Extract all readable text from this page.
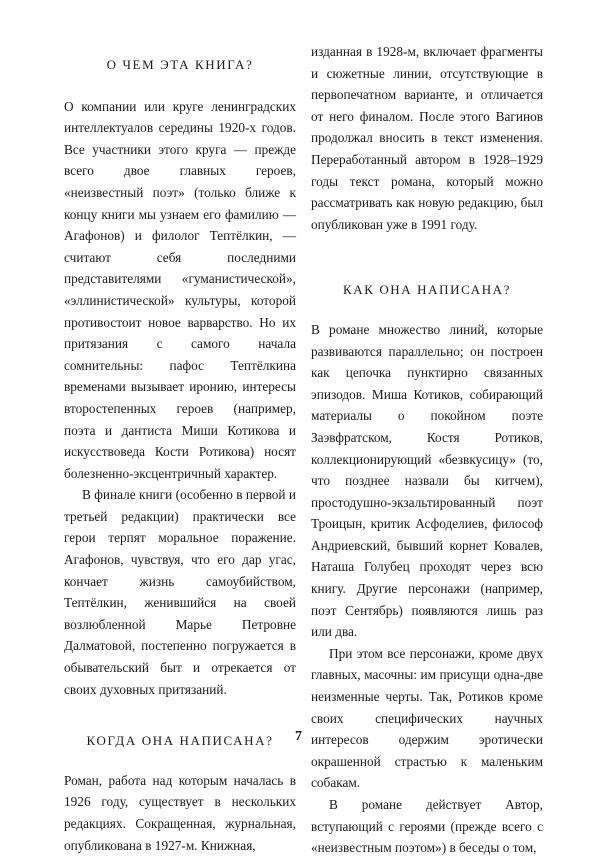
О ЧЕМ ЭТА КНИГА?

О компании или круге ленинградских интеллектуалов середины 1920-х годов. Все участники этого круга — прежде всего двое главных героев, «неизвестный поэт» (только ближе к концу книги мы узнаем его фамилию — Агафонов) и филолог Тептёлкин, — считают себя последними представителями «гуманистической», «эллинистической» культуры, которой противостоит новое варварство. Но их притязания с самого начала сомнительны: пафос Тептёлкина временами вызывает иронию, интересы второстепенных героев (например, поэта и дантиста Миши Котикова и искусствоведа Кости Ротикова) носят болезненно-эксцентричный характер.

В финале книги (особенно в первой и третьей редакции) практически все герои терпят моральное поражение. Агафонов, чувствуя, что его дар угас, кончает жизнь самоубийством, Тептёлкин, женившийся на своей возлюбленной Марье Петровне Далматовой, постепенно погружается в обывательский быт и отрекается от своих духовных притязаний.

КОГДА ОНА НАПИСАНА?

Роман, работа над которым началась в 1926 году, существует в нескольких редакциях. Сокращенная, журнальная, опубликована в 1927-м. Книжная,

изданная в 1928-м, включает фрагменты и сюжетные линии, отсутствующие в первопечатном варианте, и отличается от него финалом. После этого Вагинов продолжал вносить в текст изменения. Переработанный автором в 1928–1929 годы текст романа, который можно рассматривать как новую редакцию, был опубликован уже в 1991 году.

КАК ОНА НАПИСАНА?

В романе множество линий, которые развиваются параллельно; он построен как цепочка пунктирно связанных эпизодов. Миша Котиков, собирающий материалы о покойном поэте Заэвфратском, Костя Ротиков, коллекционирующий «безвкусицу» (то, что позднее назвали бы китчем), простодушно-экзальтированный поэт Троицын, критик Асфоделиев, философ Андриевский, бывший корнет Ковалев, Наташа Голубец проходят через всю книгу. Другие персонажи (например, поэт Сентябрь) появляются лишь раз или два.

При этом все персонажи, кроме двух главных, масочны: им присущи одна-две неизменные черты. Так, Ротиков кроме своих специфических научных интересов одержим эротически окрашенной страстью к маленьким собакам.

В романе действует Автор, вступающий с героями (прежде всего с «неизвестным поэтом») в беседы о том,

7
